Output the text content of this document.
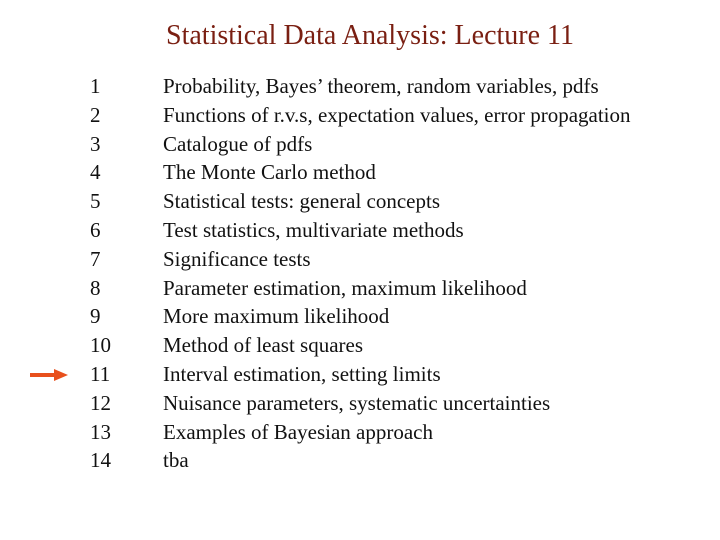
Statistical Data Analysis: Lecture 11
1	Probability, Bayes’ theorem, random variables, pdfs
2	Functions of r.v.s, expectation values, error propagation
3	Catalogue of pdfs
4	The Monte Carlo method
5	Statistical tests: general concepts
6	Test statistics, multivariate methods
7	Significance tests
8	Parameter estimation, maximum likelihood
9	More maximum likelihood
10	Method of least squares
11	Interval estimation, setting limits
12	Nuisance parameters, systematic uncertainties
13	Examples of Bayesian approach
14	tba
